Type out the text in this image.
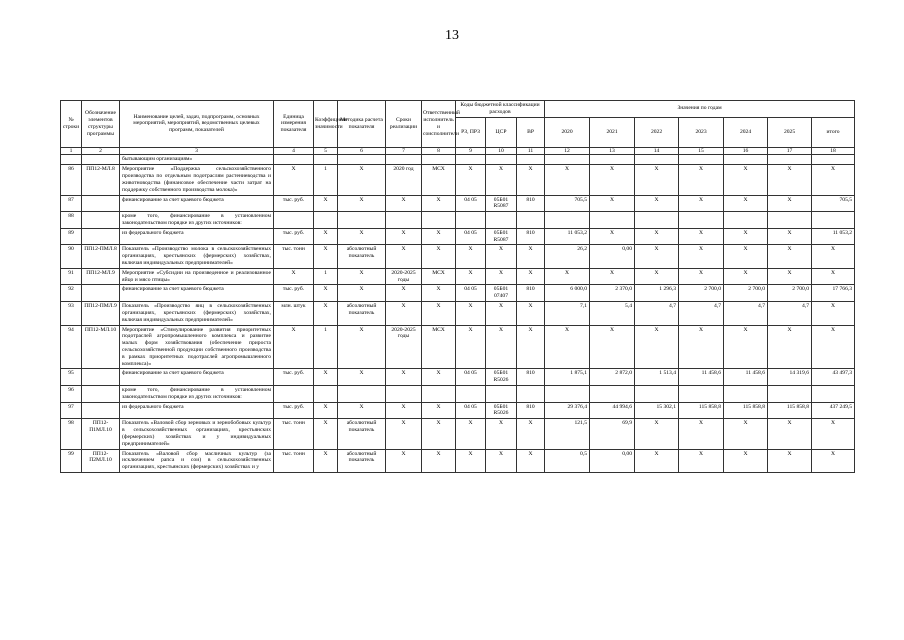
13
№ строки	Обозначение элементов структуры программы	Наименование целей, задач, подпрограмм, основных мероприятий, мероприятий, ведомственных целевых программ, показателей	Единица измерения показателя	Коэффициент значимости	Методика расчета показателя	Сроки реализации	Ответственный исполнитель и соисполнители	Коды бюджетной классификации расходов			Значения по годам						
								РЗ, ПРЗ	ЦСР	ВР	2020	2021	2022	2023	2024	2025	итого
1	2	3	4	5	6	7	8	9	10	11	12	13	14	15	16	17	18
		бытывающим организациям»															
86	ПП12-МЛ.8	Мероприятие «Поддержка сельскохозяйственного производства по отдельным подотраслям растениеводства и животноводства (финансовое обеспечение части затрат на поддержку собственного производства молока)»	Х	1	Х	2020 год	МСХ	Х	Х	Х	Х	Х	Х	Х	Х	Х	Х
87		финансирование за счет краевого бюджета	тыс. руб.	Х	Х	Х	Х	04 05	05Б01 R5087	810	705,5	Х	Х	Х	Х	Х	705,5
88		кроме того, финансирование в установленном законодательством порядке из других источников:															
89		из федерального бюджета	тыс. руб.	Х	Х	Х	Х	04 05	05Б01 R5087	810	11 053,2	Х	Х	Х	Х	Х	11 053,2
90	ПП12-ПМЛ.8	Показатель «Производство молока в сельскохозяйственных организациях, крестьянских (фермерских) хозяйствах, включая индивидуальных предпринимателей»	тыс. тонн	Х	абсолютный показатель	Х	Х	Х	Х	Х	26,2	0,00	Х	Х	Х	Х	Х
91	ПП12-МЛ.9	Мероприятие «Субсидии на произведенное и реализованное яйцо и мясо птицы»	Х	1	Х	2020-2025 годы	МСХ	Х	Х	Х	Х	Х	Х	Х	Х	Х	Х
92		финансирование за счет краевого бюджета	тыс. руб.	Х	Х	Х	Х	04 05	05Б01 07407	810	6 000,0	2 370,0	1 296,3	2 700,0	2 700,0	2 700,0	17 766,3
93	ПП12-ПМЛ.9	Показатель «Производство яиц в сельскохозяйственных организациях, крестьянских (фермерских) хозяйствах, включая индивидуальных предпринимателей»	млн. штук	Х	абсолютный показатель	Х	Х	Х	Х	Х	7,1	5,4	4,7	4,7	4,7	4,7	Х
94	ПП12-МЛ.10	Мероприятие «Стимулирование развития приоритетных подотраслей агропромышленного комплекса и развитие малых форм хозяйствования (обеспечение прироста сельскохозяйственной продукции собственного производства в рамках приоритетных подотраслей агропромышленного комплекса)»	Х	1	Х	2020-2025 годы	МСХ	Х	Х	Х	Х	Х	Х	Х	Х	Х	Х
95		финансирование за счет краевого бюджета	тыс. руб.	Х	Х	Х	Х	04 05	05Б01 R5026	810	1 875,1	2 872,0	1 513,4	11 458,6	11 458,6	14 319,6	43 497,3
96		кроме того, финансирование в установленном законодательством порядке из других источников:															
97		из федерального бюджета	тыс. руб.	Х	Х	Х	Х	04 05	05Б01 R5026	810	29 376,4	44 994,6	15 302,1	115 858,8	115 858,8	115 858,8	437 249,5
98	ПП12-П1МЛ.10	Показатель «Валовой сбор зерновых и зернобобовых культур в сельскохозяйственных организациях, крестьянских (фермерских) хозяйствах и у индивидуальных предпринимателей»	тыс. тонн	Х	абсолютный показатель	Х	Х	Х	Х	Х	121,5	69,9	Х	Х	Х	Х	Х
99	ПП12-П2МЛ.10	Показатель «Валовой сбор масличных культур (за исключением рапса и сои) в сельскохозяйственных организациях, крестьянских (фермерских) хозяйствах и у	тыс. тонн	Х	абсолютный показатель	Х	Х	Х	Х	Х	0,5	0,00	Х	Х	Х	Х	Х
